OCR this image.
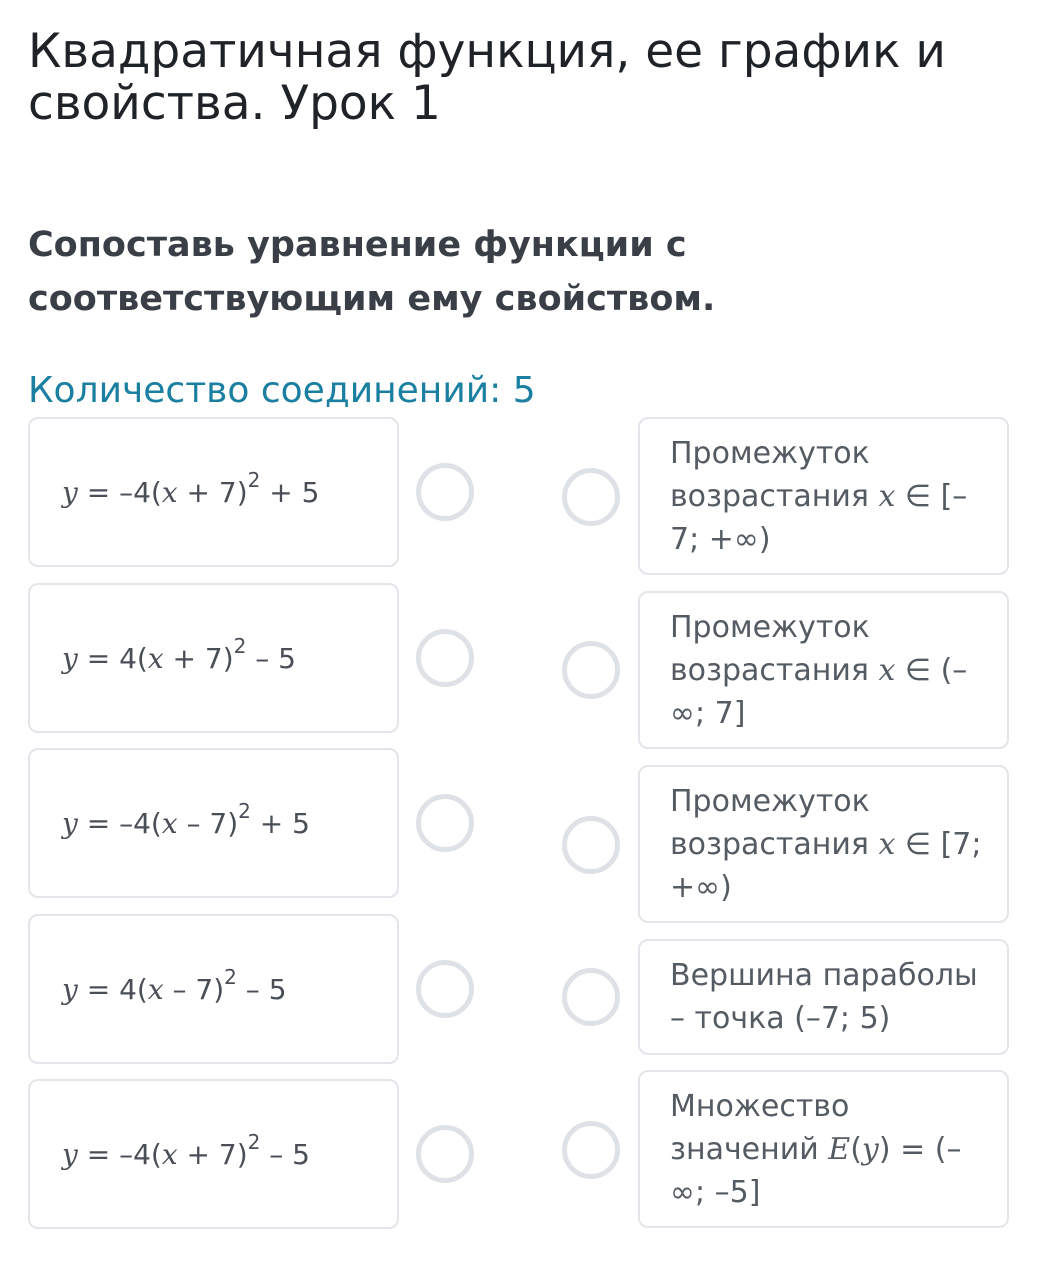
Квадратичная функция, ее график и свойства. Урок 1
Сопоставь уравнение функции с соответствующим ему свойством.
Количество соединений: 5
$y = -4(x + 7)^2 + 5$
$y = 4(x + 7)^2 - 5$
y = –4(x – 7)$^2$ + 5
y = 4(x – 7)$^2$ – 5
$y = -4(x + 7)^2 - 5$
Промежуток
возрастания x ∈ [–
7; +∞)
Промежуток
возрастания x ∈ (–
∞; 7]
Промежуток
возрастания x ∈ [7;
+∞)
Вершина параболы
– точка (–7; 5)
Множество
значений E(y) = (–
∞; –5]
